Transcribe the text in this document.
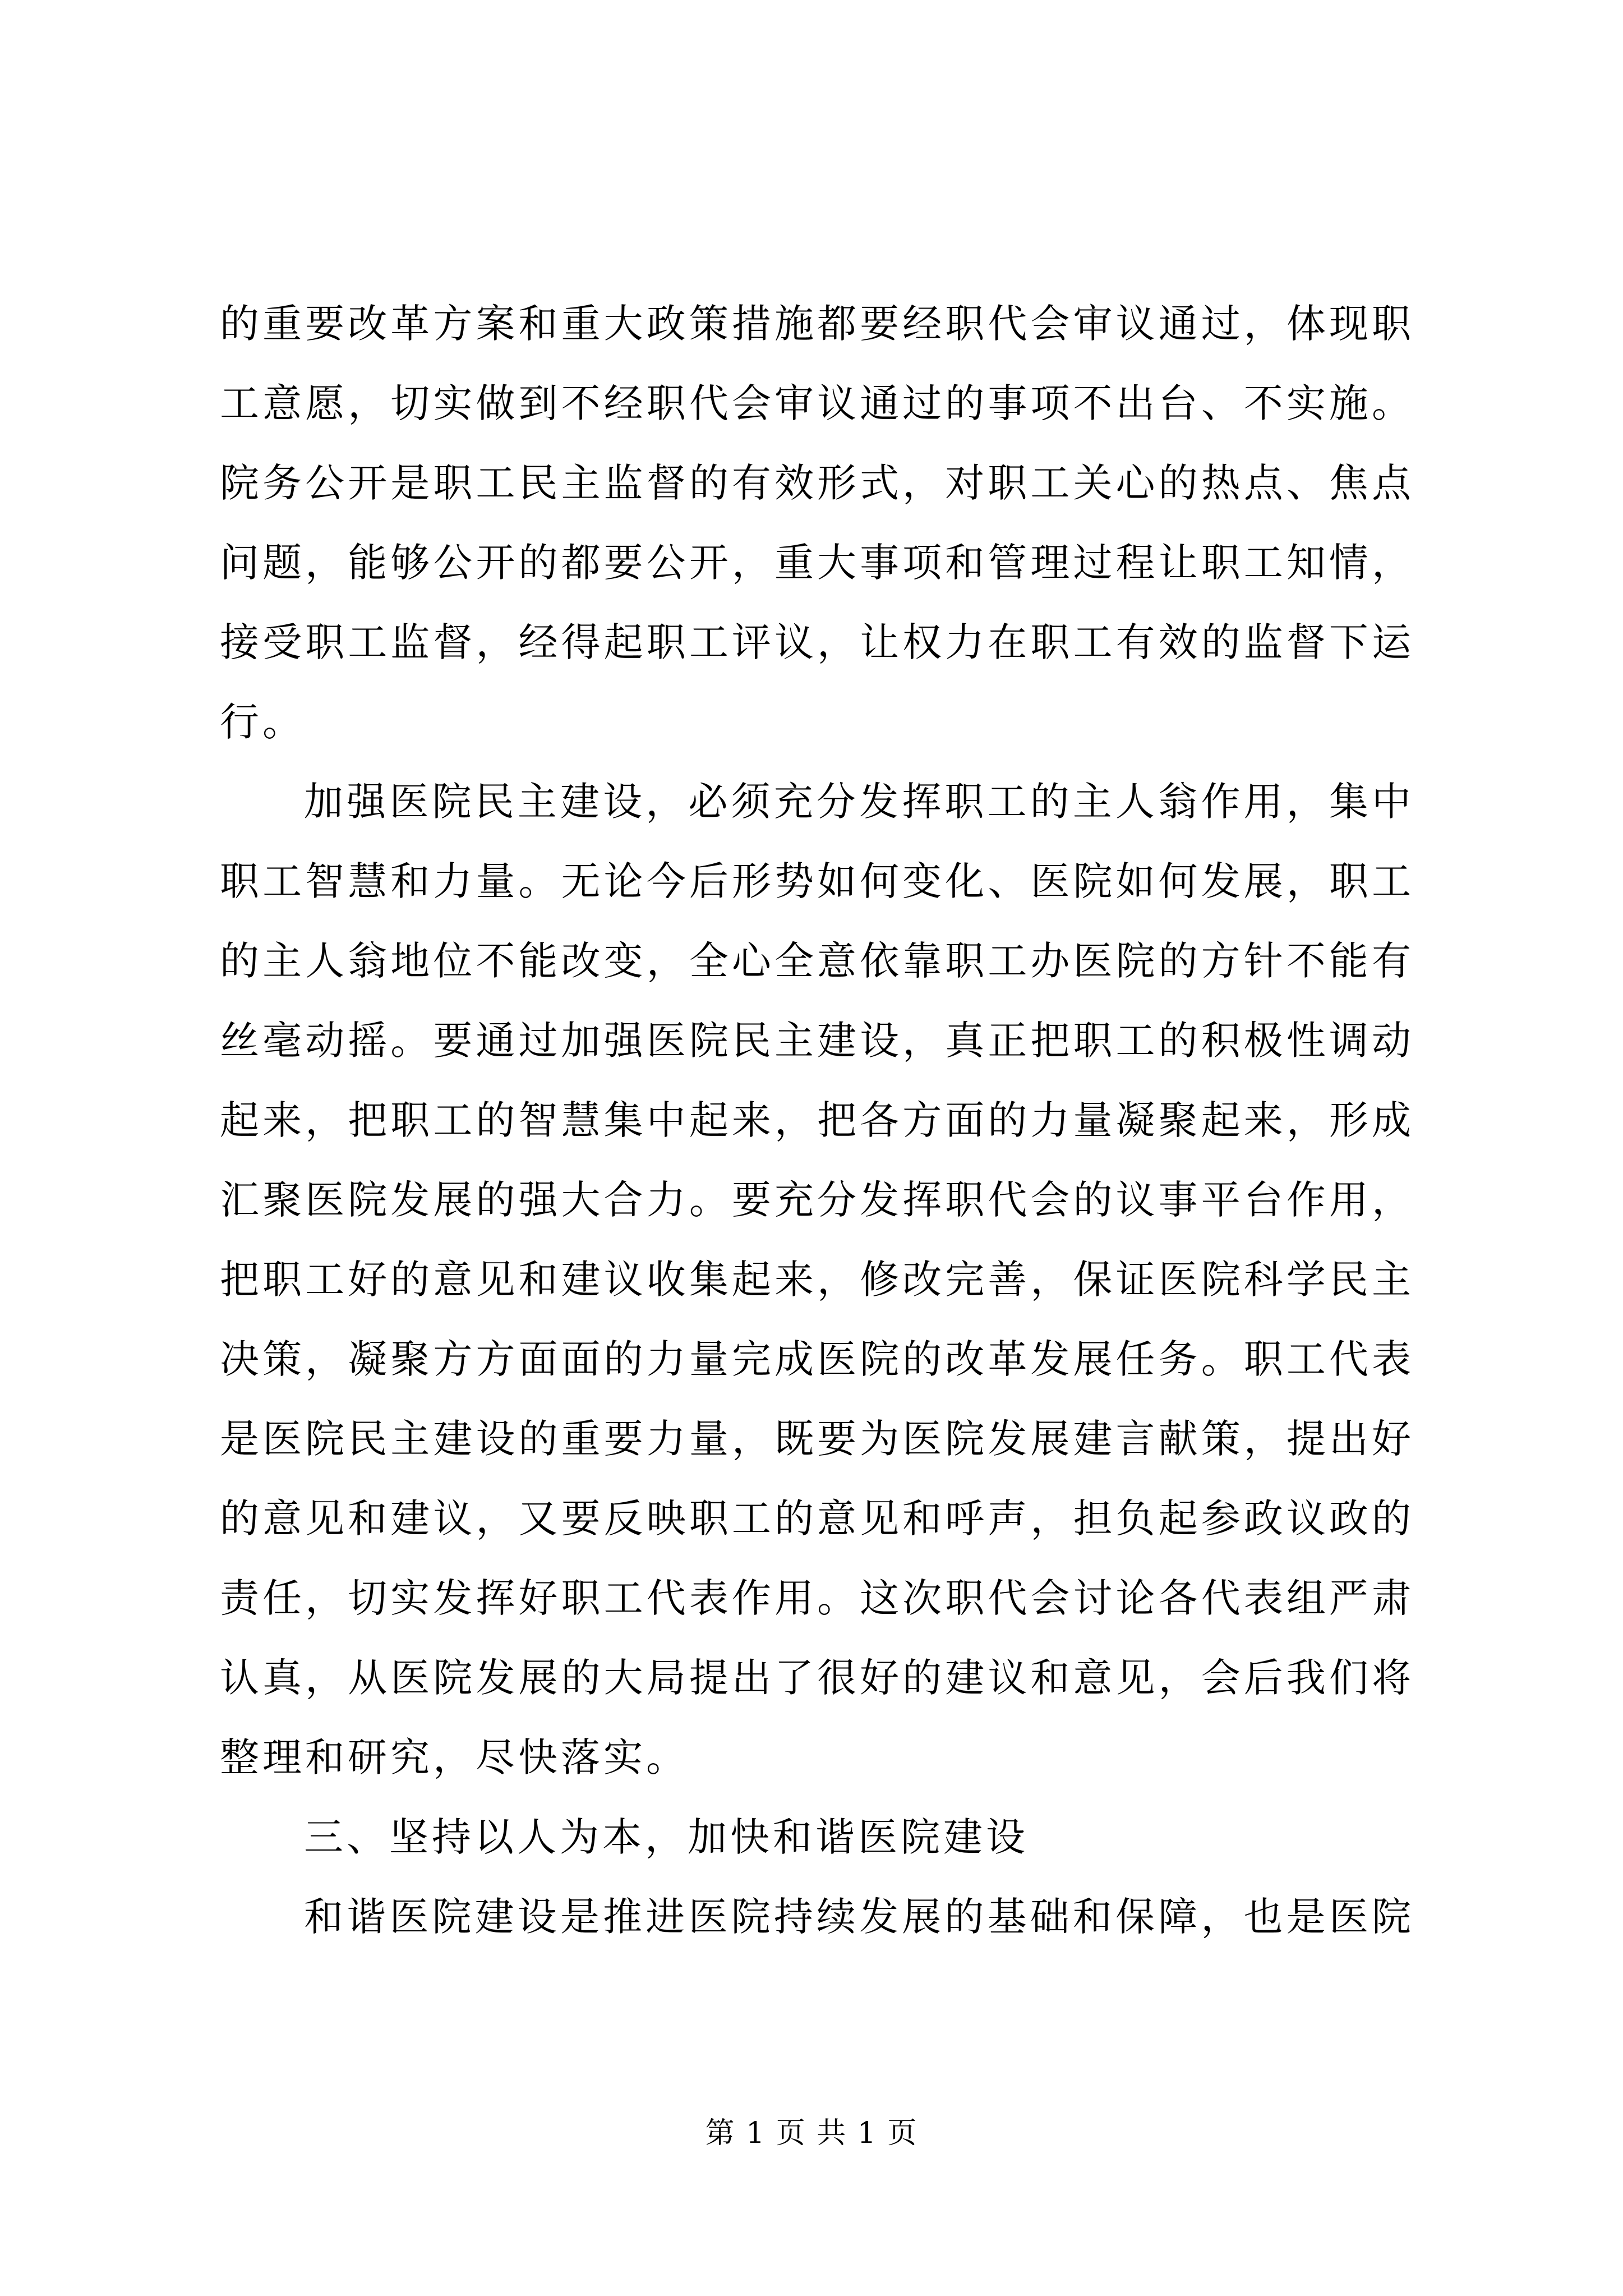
的重要改革方案和重大政策措施都要经职代会审议通过，体现职
工意愿，切实做到不经职代会审议通过的事项不出台、不实施。
院务公开是职工民主监督的有效形式，对职工关心的热点、焦点
问题，能够公开的都要公开，重大事项和管理过程让职工知情，
接受职工监督，经得起职工评议，让权力在职工有效的监督下运
行。
加强医院民主建设，必须充分发挥职工的主人翁作用，集中
职工智慧和力量。无论今后形势如何变化、医院如何发展，职工
的主人翁地位不能改变，全心全意依靠职工办医院的方针不能有
丝毫动摇。要通过加强医院民主建设，真正把职工的积极性调动
起来，把职工的智慧集中起来，把各方面的力量凝聚起来，形成
汇聚医院发展的强大合力。要充分发挥职代会的议事平台作用，
把职工好的意见和建议收集起来，修改完善，保证医院科学民主
决策，凝聚方方面面的力量完成医院的改革发展任务。职工代表
是医院民主建设的重要力量，既要为医院发展建言献策，提出好
的意见和建议，又要反映职工的意见和呼声，担负起参政议政的
责任，切实发挥好职工代表作用。这次职代会讨论各代表组严肃
认真，从医院发展的大局提出了很好的建议和意见，会后我们将
整理和研究，尽快落实。
三、坚持以人为本，加快和谐医院建设
和谐医院建设是推进医院持续发展的基础和保障，也是医院
第 1 页 共 1 页
